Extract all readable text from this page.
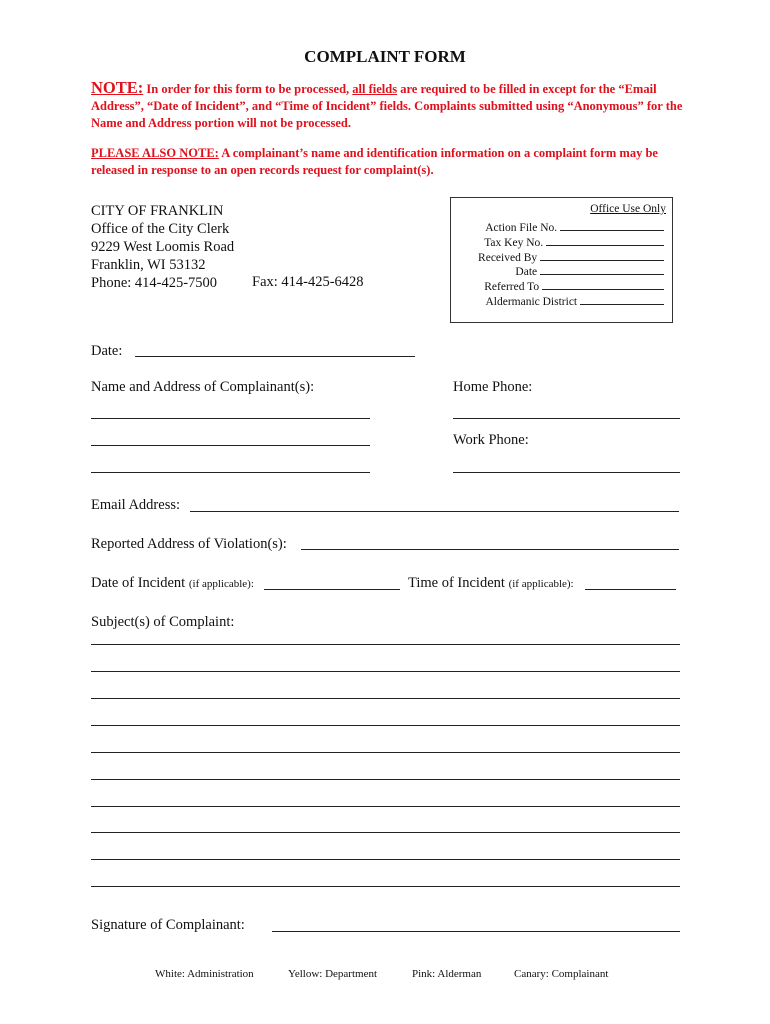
COMPLAINT FORM
NOTE: In order for this form to be processed, all fields are required to be filled in except for the “Email Address”, “Date of Incident”, and “Time of Incident” fields. Complaints submitted using “Anonymous” for the Name and Address portion will not be processed.
PLEASE ALSO NOTE: A complainant’s name and identification information on a complaint form may be released in response to an open records request for complaint(s).
CITY OF FRANKLIN
Office of the City Clerk
9229 West Loomis Road
Franklin, WI 53132
Phone: 414-425-7500	Fax: 414-425-6428
Office Use Only
Action File No.
Tax Key No.
Received By
Date
Referred To
Aldermanic District
Date:
Name and Address of Complainant(s):	Home Phone:
Work Phone:
Email Address:
Reported Address of Violation(s):
Date of Incident (if applicable):	Time of Incident (if applicable):
Subject(s) of Complaint:
Signature of Complainant:
White: Administration	Yellow: Department	Pink: Alderman	Canary: Complainant
